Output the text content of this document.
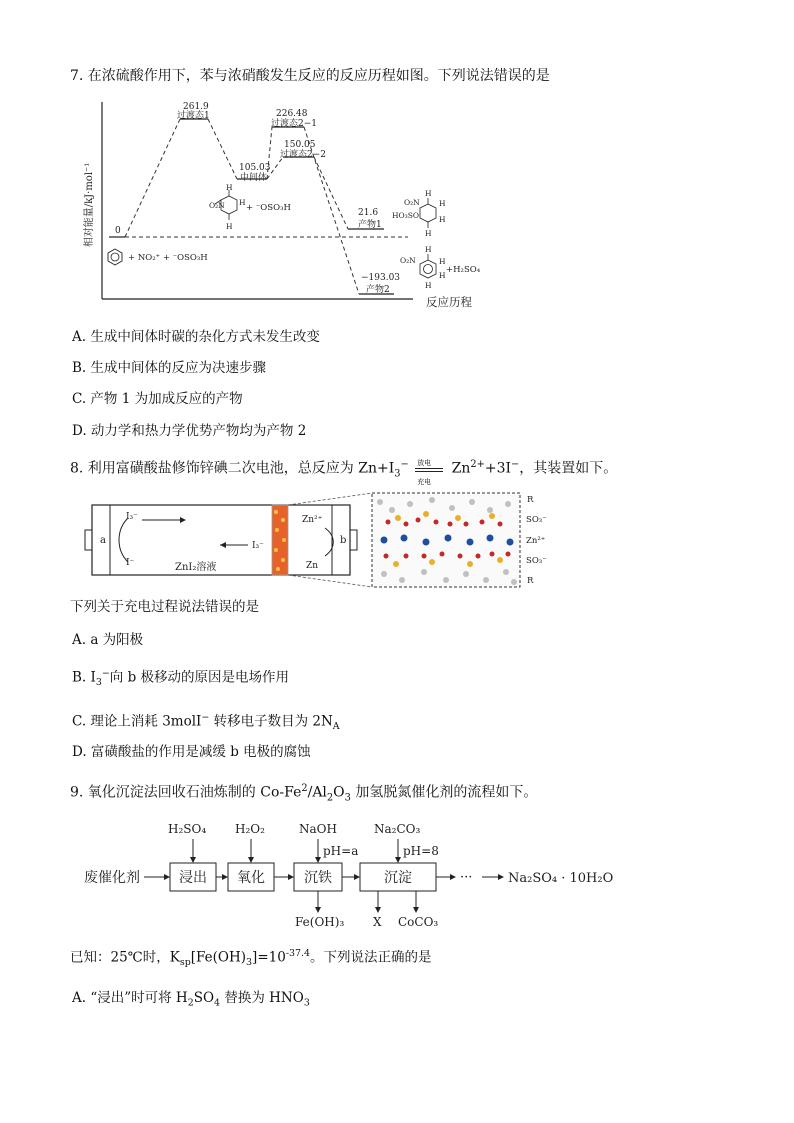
7. 在浓硫酸作用下，苯与浓硝酸发生反应的反应历程如图。下列说法错误的是
相对能量/kJ·mol⁻¹
反应历程
0
261.9
过渡态1
105.03
中间体
226.48
过渡态2−1
150.05
过渡态2−2
21.6
产物1
−193.03
产物2
+ NO₂⁺ + ⁻OSO₃H
O₂N
H
H
H
+ ⁻OSO₃H
O₂N
HO₃SO
H
H
H
H
O₂N
H
H
H
H
+H₂SO₄
A. 生成中间体时碳的杂化方式未发生改变
B. 生成中间体的反应为决速步骤
C. 产物 1 为加成反应的产物
D. 动力学和热力学优势产物均为产物 2
8. 利用富磺酸盐修饰锌碘二次电池，总反应为 $Zn+I_3^-$ 放电
充电
$Zn^{2+}+3I^-$，其装置如下。
a	b
I₃⁻
I⁻
I₃⁻
ZnI₂溶液
Zn²⁺
Zn
R
SO₃⁻
Zn²⁺
SO₃⁻
R
下列关于充电过程说法错误的是
A. a 为阳极
B. $I_3^-$向 b 极移动的原因是电场作用
C. 理论上消耗 3molI− 转移电子数目为 $2N_A$
D. 富磺酸盐的作用是减缓 b 电极的腐蚀
9. 氧化沉淀法回收石油炼制的 $Co-Fe^2/Al_2O_3$ 加氢脱氮催化剂的流程如下。
废催化剂	浸出 氧化	沉铁	沉淀	···	Na₂SO₄ · 10H₂O
H₂SO₄ H₂O₂	NaOH
pH=a
Na₂CO₃
pH=8
Fe(OH)₃ X CoCO₃
已知：25℃时，$K_{sp}[Fe(OH)_3]=10^{-37.4}$。下列说法正确的是
A. “浸出”时可将 $H_2SO_4$ 替换为 $HNO_3$
